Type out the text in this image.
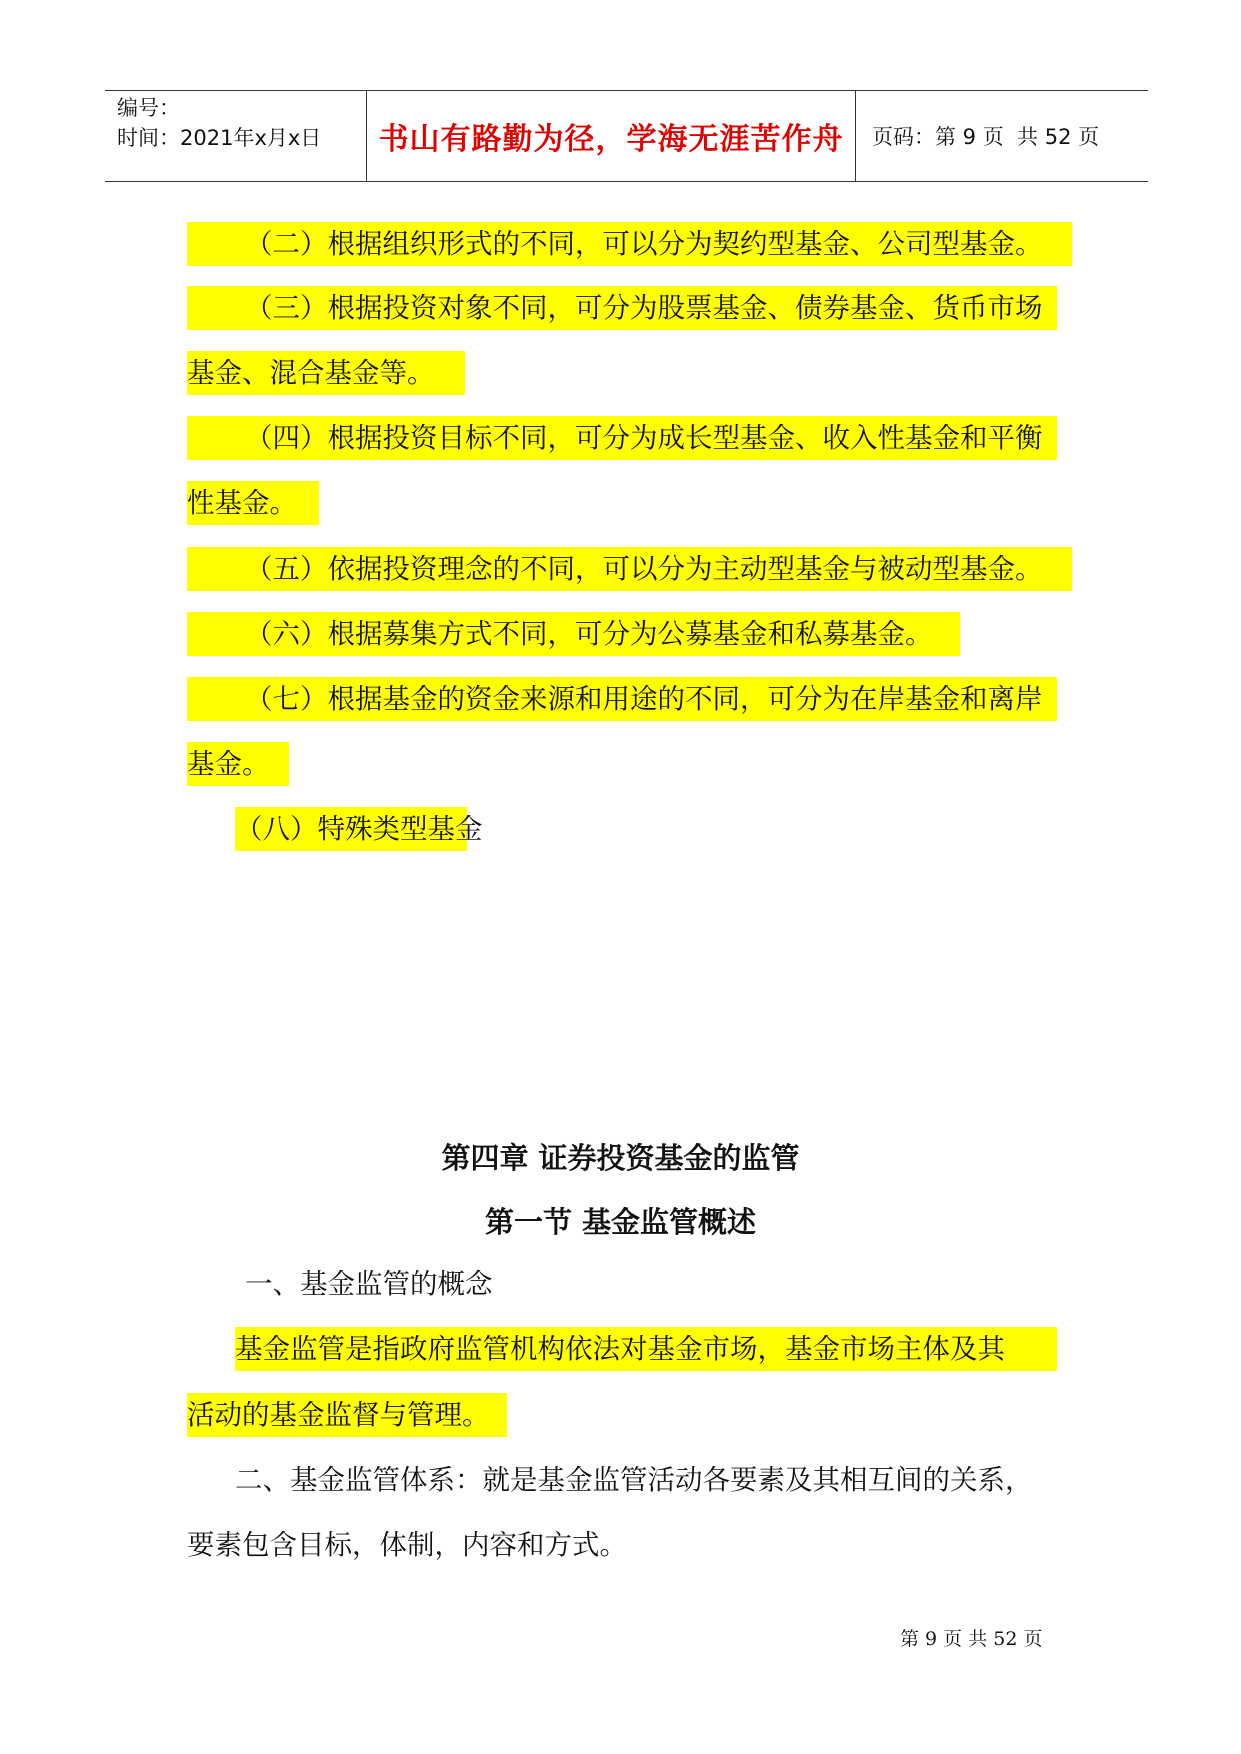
编号：
时间：2021年x月x日	书山有路勤为径，学海无涯苦作舟	页码：第 9 页  共 52 页
（二）根据组织形式的不同，可以分为契约型基金、公司型基金。
（三）根据投资对象不同，可分为股票基金、债券基金、货币市场
基金、混合基金等。
（四）根据投资目标不同，可分为成长型基金、收入性基金和平衡
性基金。
（五）依据投资理念的不同，可以分为主动型基金与被动型基金。
（六）根据募集方式不同，可分为公募基金和私募基金。
（七）根据基金的资金来源和用途的不同，可分为在岸基金和离岸
基金。
（八）特殊类型基金
第四章 证券投资基金的监管
第一节 基金监管概述
一、基金监管的概念
基金监管是指政府监管机构依法对基金市场，基金市场主体及其
活动的基金监督与管理。
二、基金监管体系：就是基金监管活动各要素及其相互间的关系，
要素包含目标，体制，内容和方式。
第 9 页 共 52 页
